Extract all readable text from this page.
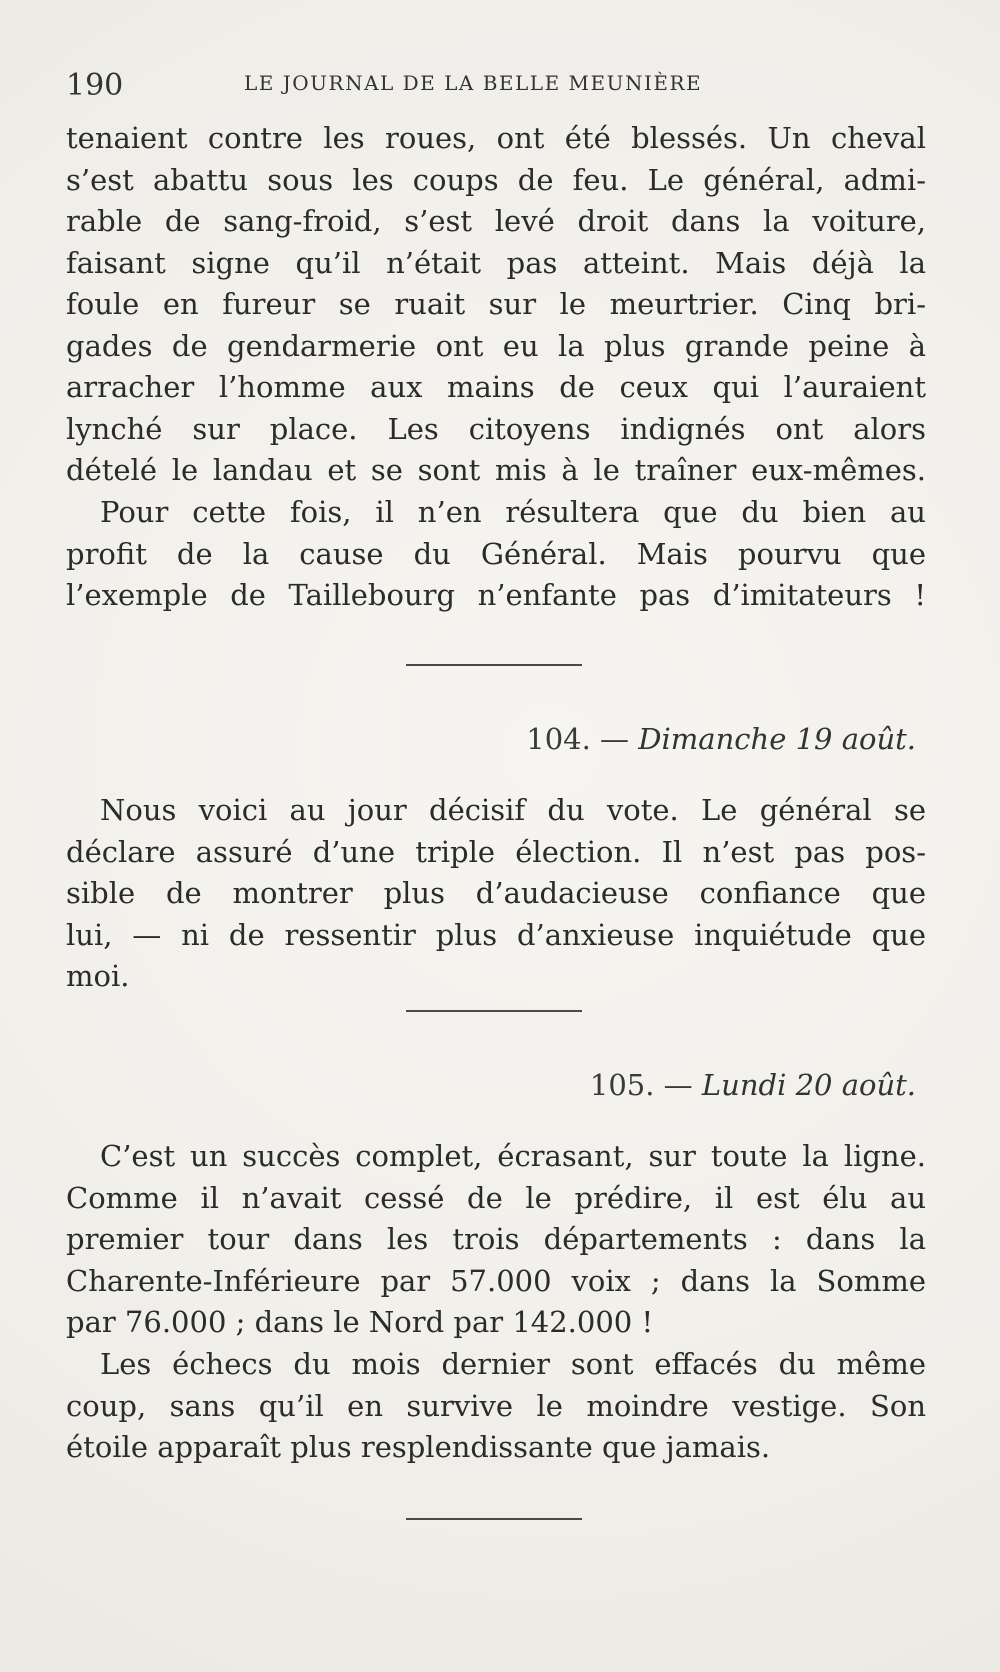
190	LE JOURNAL DE LA BELLE MEUNIÈRE
tenaient contre les roues, ont été blessés. Un cheval
s’est abattu sous les coups de feu. Le général, admi-
rable de sang-froid, s’est levé droit dans la voiture,
faisant signe qu’il n’était pas atteint. Mais déjà la
foule en fureur se ruait sur le meurtrier. Cinq bri-
gades de gendarmerie ont eu la plus grande peine à
arracher l’homme aux mains de ceux qui l’auraient
lynché sur place. Les citoyens indignés ont alors
dételé le landau et se sont mis à le traîner eux-mêmes.
Pour cette fois, il n’en résultera que du bien au
profit de la cause du Général. Mais pourvu que
l’exemple de Taillebourg n’enfante pas d’imitateurs !
104. — Dimanche 19 août.
Nous voici au jour décisif du vote. Le général se
déclare assuré d’une triple élection. Il n’est pas pos-
sible de montrer plus d’audacieuse confiance que
lui, — ni de ressentir plus d’anxieuse inquiétude que
moi.
105. — Lundi 20 août.
C’est un succès complet, écrasant, sur toute la ligne.
Comme il n’avait cessé de le prédire, il est élu au
premier tour dans les trois départements : dans la
Charente-Inférieure par 57.000 voix ; dans la Somme
par 76.000 ; dans le Nord par 142.000 !
Les échecs du mois dernier sont effacés du même
coup, sans qu’il en survive le moindre vestige. Son
étoile apparaît plus resplendissante que jamais.
